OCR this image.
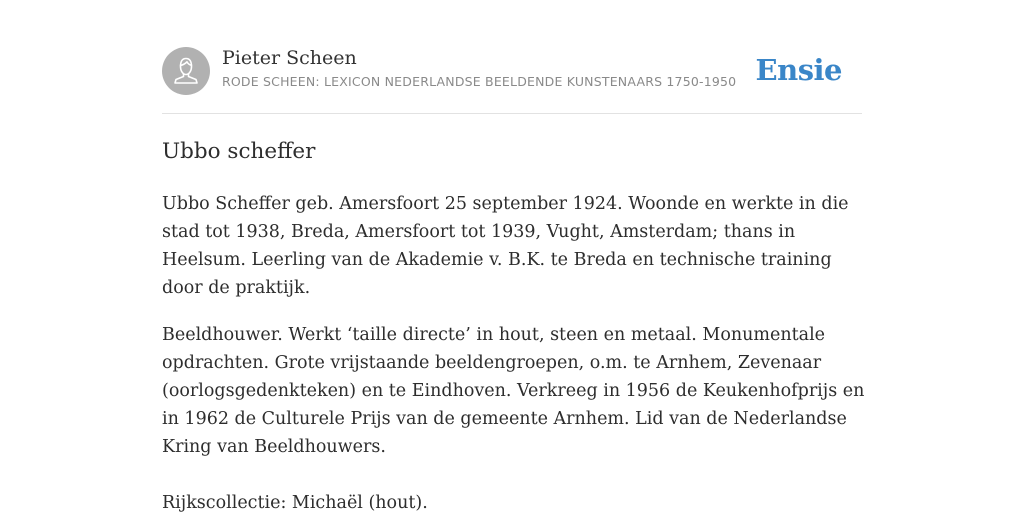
Pieter Scheen
RODE SCHEEN: LEXICON NEDERLANDSE BEELDENDE KUNSTENAARS 1750-1950 Ensie
Ubbo scheffer

Ubbo Scheffer geb. Amersfoort 25 september 1924. Woonde en werkte in die stad tot 1938, Breda, Amersfoort tot 1939, Vught, Amsterdam; thans in Heelsum. Leerling van de Akademie v. B.K. te Breda en technische training door de praktijk.

Beeldhouwer. Werkt ‘taille directe’ in hout, steen en metaal. Monumentale opdrachten. Grote vrijstaande beeldengroepen, o.m. te Arnhem, Zevenaar (oorlogsgedenkteken) en te Eindhoven. Verkreeg in 1956 de Keukenhofprijs en in 1962 de Culturele Prijs van de gemeente Arnhem. Lid van de Nederlandse Kring van Beeldhouwers.

Rijkscollectie: Michaël (hout).
